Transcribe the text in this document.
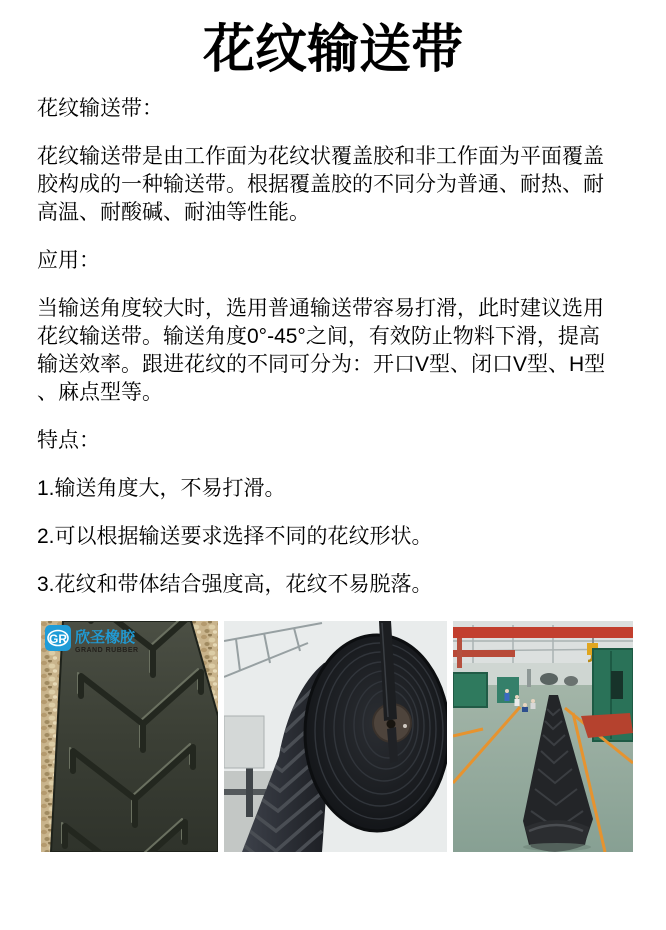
花纹输送带

花纹输送带：

花纹输送带是由工作面为花纹状覆盖胶和非工作面为平面覆盖胶构成的一种输送带。根据覆盖胶的不同分为普通、耐热、耐高温、耐酸碱、耐油等性能。

应用：

当输送角度较大时，选用普通输送带容易打滑，此时建议选用花纹输送带。输送角度0°-45°之间，有效防止物料下滑，提高输送效率。跟进花纹的不同可分为：开口V型、闭口V型、H型、麻点型等。

特点：

1.输送角度大，不易打滑。

2.可以根据输送要求选择不同的花纹形状。

3.花纹和带体结合强度高，花纹不易脱落。

GR 欣圣橡胶
GRAND RUBBER
